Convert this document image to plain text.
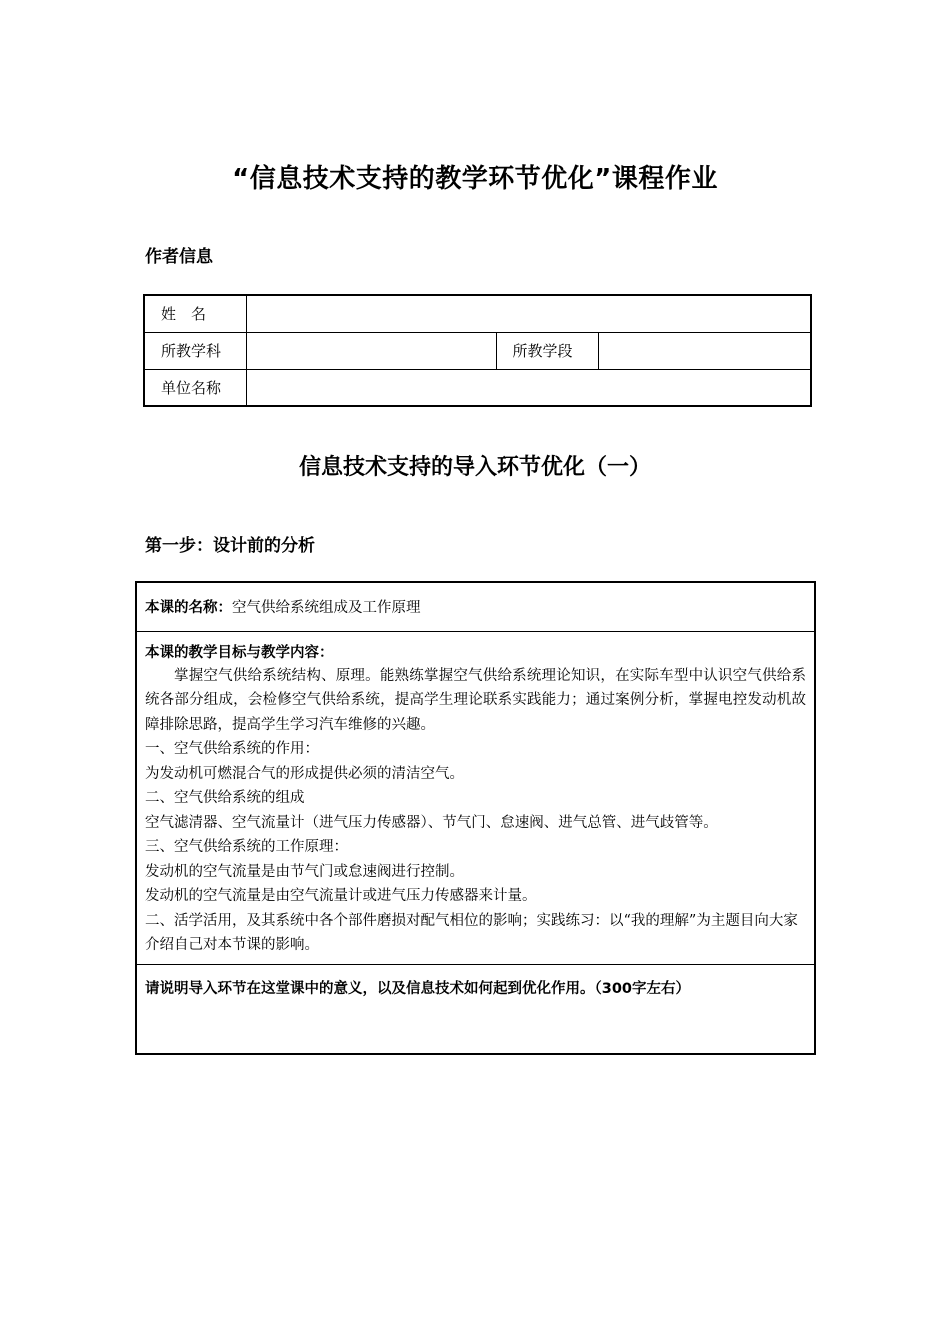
“信息技术支持的教学环节优化”课程作业
作者信息
姓　名			
所教学科		所教学段	
单位名称			
信息技术支持的导入环节优化（一）
第一步：设计前的分析
本课的名称：空气供给系统组成及工作原理

本课的教学目标与教学内容：

掌握空气供给系统结构、原理。能熟练掌握空气供给系统理论知识，在实际车型中认识空气供给系统各部分组成，会检修空气供给系统，提高学生理论联系实践能力；通过案例分析，掌握电控发动机故障排除思路，提高学生学习汽车维修的兴趣。

一、空气供给系统的作用：

为发动机可燃混合气的形成提供必须的清洁空气。

二、空气供给系统的组成

空气滤清器、空气流量计（进气压力传感器）、节气门、怠速阀、进气总管、进气歧管等。

三、空气供给系统的工作原理：

发动机的空气流量是由节气门或怠速阀进行控制。

发动机的空气流量是由空气流量计或进气压力传感器来计量。

二、活学活用，及其系统中各个部件磨损对配气相位的影响；实践练习：以“我的理解”为主题目向大家介绍自己对本节课的影响。

请说明导入环节在这堂课中的意义，以及信息技术如何起到优化作用。（300字左右）
